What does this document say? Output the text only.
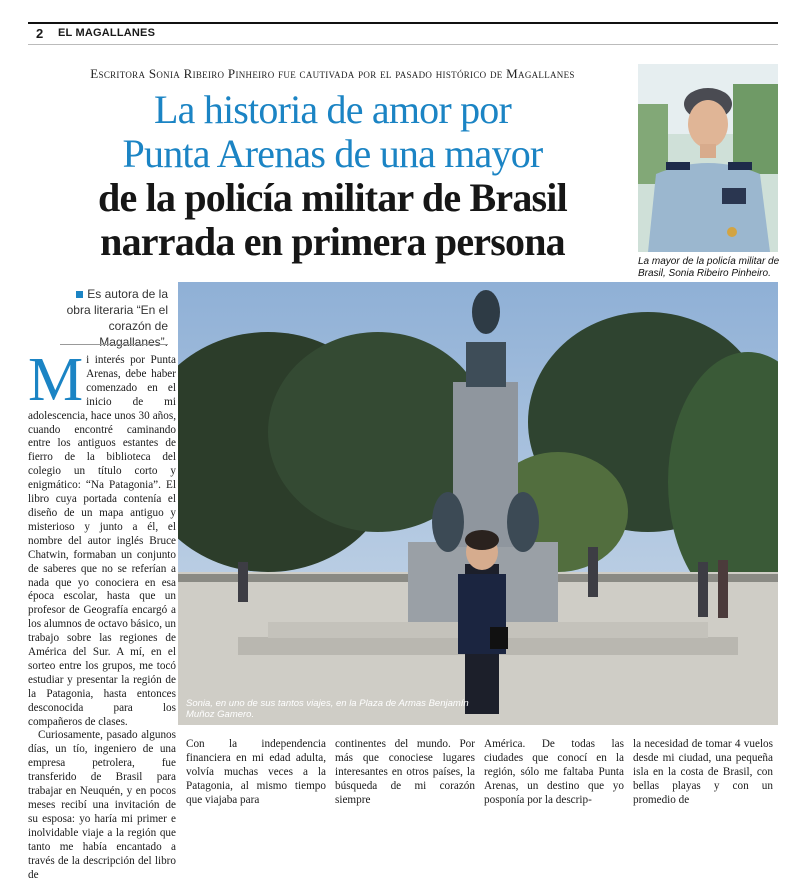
2 EL MAGALLANES
Escritora Sonia Ribeiro Pinheiro fue cautivada por el pasado histórico de Magallanes
La historia de amor por
Punta Arenas de una mayor
de la policía militar de Brasil
narrada en primera persona	La mayor de la policía militar de Brasil, Sonia Ribeiro Pinheiro.
Es autora de la obra literaria “En el corazón de Magallanes”.
Sonia, en uno de sus tantos viajes, en la Plaza de Armas Benjamín Muñoz Gamero.

Mi interés por Punta Arenas, debe haber comenzado en el inicio de mi adolescencia, hace unos 30 años, cuando encontré caminando entre los antiguos estantes de fierro de la biblioteca del colegio un título corto y enigmático: “Na Patagonia”. El libro cuya portada contenía el diseño de un mapa antiguo y misterioso y junto a él, el nombre del autor inglés Bruce Chatwin, formaban un conjunto de saberes que no se referían a nada que yo conociera en esa época escolar, hasta que un profesor de Geografía encargó a los alumnos de octavo básico, un trabajo sobre las regiones de América del Sur. A mí, en el sorteo entre los grupos, me tocó estudiar y presentar la región de la Patagonia, hasta entonces desconocida para los compañeros de clases.

Curiosamente, pasado algunos días, un tío, ingeniero de una empresa petrolera, fue transferido de Brasil para trabajar en Neuquén, y en pocos meses recibí una invitación de su esposa: yo haría mi primer e inolvidable viaje a la región que tanto me había encantado a través de la descripción del libro de

Con la independencia financiera en mi edad adulta, volvía muchas veces a la Patagonia, al mismo tiempo que viajaba para
continentes del mundo. Por más que conociese lugares interesantes en otros países, la búsqueda de mi corazón siempre
América. De todas las ciudades que conocí en la región, sólo me faltaba Punta Arenas, un destino que yo posponía por la descrip-
la necesidad de tomar 4 vuelos desde mi ciudad, una pequeña isla en la costa de Brasil, con bellas playas y con un promedio de
